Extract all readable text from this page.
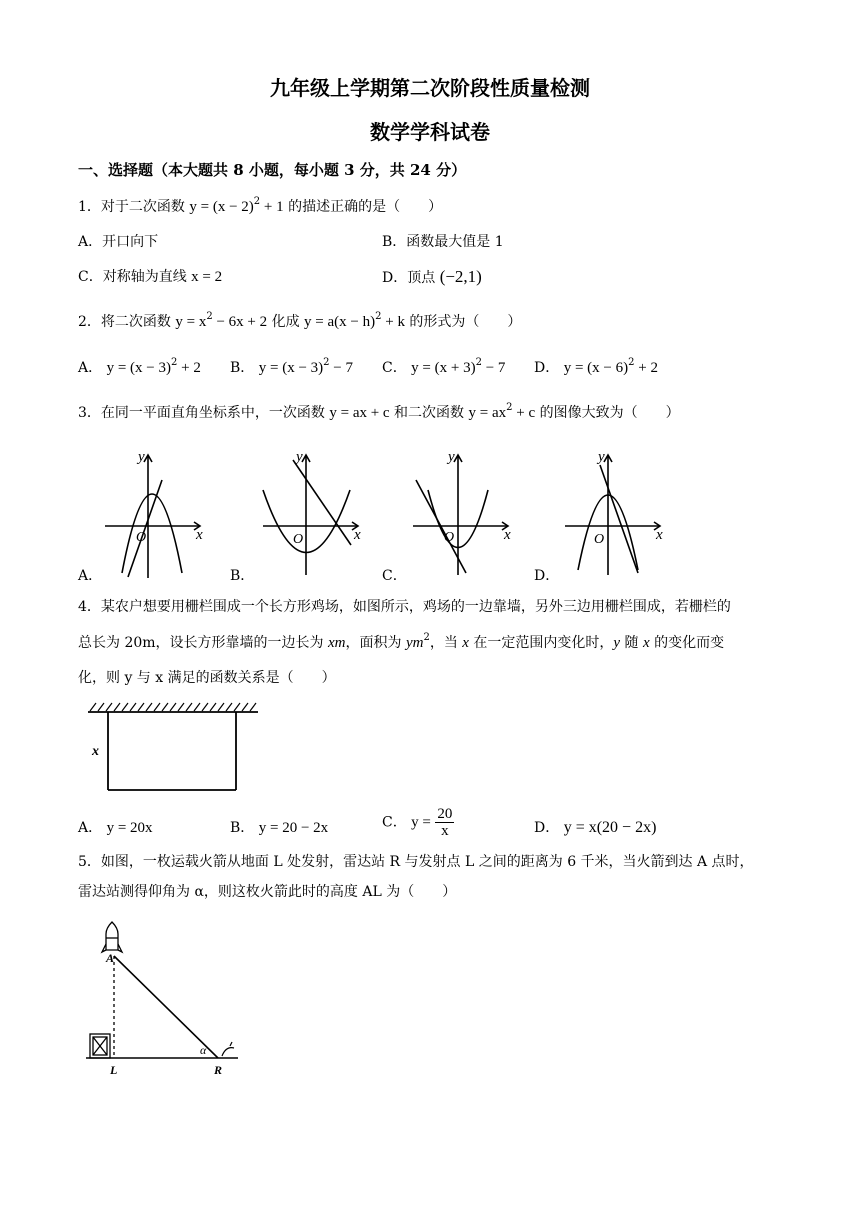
九年级上学期第二次阶段性质量检测
数学学科试卷
一、选择题（本大题共 8 小题，每小题 3 分，共 24 分）
1．对于二次函数 $y = (x - 2)^2 + 1$ 的描述正确的是（　　）
A．开口向下	B．函数最大值是 1
C．对称轴为直线 x = 2	D．顶点 (−2,1)
2．将二次函数 $y = x^2 - 6x + 2$ 化成 $y = a(x - h)^2 + k$ 的形式为（　　）
A． $y = (x - 3)^2 + 2$ B． $y = (x - 3)^2 - 7$ C． $y = (x + 3)^2 - 7$ D． $y = (x - 6)^2 + 2$
3．在同一平面直角坐标系中，一次函数 y = ax + c 和二次函数 $y = ax^2 + c$ 的图像大致为（　　）
y
x
O
A．
y
x
O
B．
y
x
O
C．
y
x
O
D．
4．某农户想要用栅栏围成一个长方形鸡场，如图所示，鸡场的一边靠墙，另外三边用栅栏围成，若栅栏的
总长为 20m，设长方形靠墙的一边长为 xm，面积为 $ym^2$，当 x 在一定范围内变化时，y 随 x 的变化而变
化，则 y 与 x 满足的函数关系是（　　）
x
A． y = 20x	B． y = 20 − 2x	C． $y = \frac{20}{x}$	D． y = x(20 − 2x)
5．如图，一枚运载火箭从地面 L 处发射，雷达站 R 与发射点 L 之间的距离为 6 千米，当火箭到达 A 点时，
雷达站测得仰角为 α，则这枚火箭此时的高度 AL 为（　　）
A
L	R
α
